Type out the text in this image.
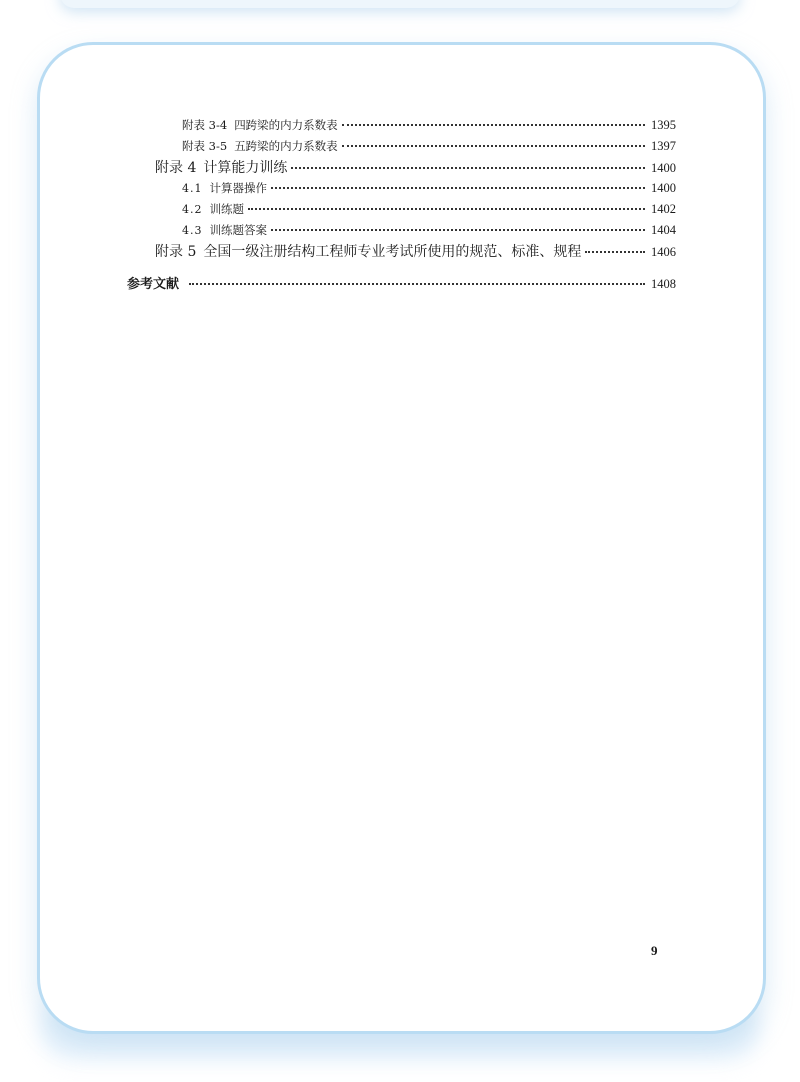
附表 3-4 四跨梁的内力系数表	1395
附表 3-5 五跨梁的内力系数表	1397
附录 4 计算能力训练	1400
4.1 计算器操作	1400
4.2 训练题	1402
4.3 训练题答案	1404
附录 5 全国一级注册结构工程师专业考试所使用的规范、标准、规程	1406
参考文献	1408
9
